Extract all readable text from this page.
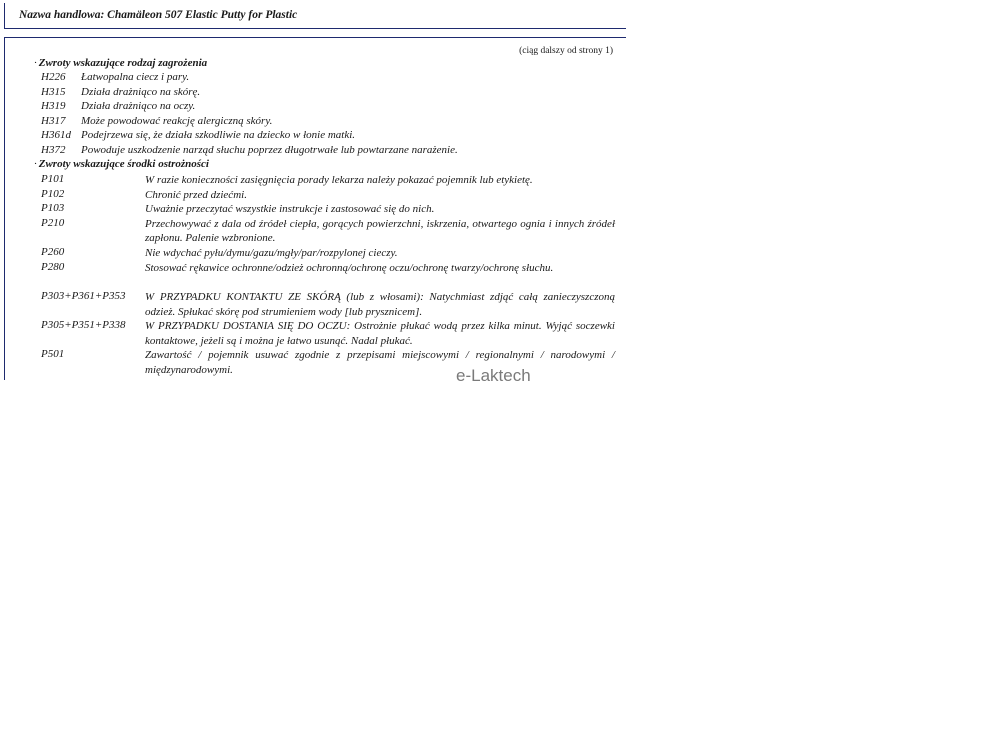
Nazwa handlowa: Chamäleon 507 Elastic Putty for Plastic
(ciąg dalszy od strony 1)
· Zwroty wskazujące rodzaj zagrożenia
H226 Łatwopalna ciecz i pary.
H315 Działa drażniąco na skórę.
H319 Działa drażniąco na oczy.
H317 Może powodować reakcję alergiczną skóry.
H361d Podejrzewa się, że działa szkodliwie na dziecko w łonie matki.
H372 Powoduje uszkodzenie narząd słuchu poprzez długotrwałe lub powtarzane narażenie.
· Zwroty wskazujące środki ostrożności
P101	W razie konieczności zasięgnięcia porady lekarza należy pokazać pojemnik lub etykietę.
P102	Chronić przed dziećmi.
P103	Uważnie przeczytać wszystkie instrukcje i zastosować się do nich.
P210	Przechowywać z dala od źródeł ciepła, gorących powierzchni, iskrzenia, otwartego ognia i innych źródeł zapłonu. Palenie wzbronione.
P260	Nie wdychać pyłu/dymu/gazu/mgły/par/rozpylonej cieczy.
P280	Stosować rękawice ochronne/odzież ochronną/ochronę oczu/ochronę twarzy/ochronę słuchu.
P303+P361+P353 W PRZYPADKU KONTAKTU ZE SKÓRĄ (lub z włosami): Natychmiast zdjąć całą zanieczyszczoną odzież. Spłukać skórę pod strumieniem wody [lub prysznicem].
P305+P351+P338 W PRZYPADKU DOSTANIA SIĘ DO OCZU: Ostrożnie płukać wodą przez kilka minut. Wyjąć soczewki kontaktowe, jeżeli są i można je łatwo usunąć. Nadal płukać.
P501	Zawartość / pojemnik usuwać zgodnie z przepisami miejscowymi / regionalnymi / narodowymi / międzynarodowymi.	e-Laktech
